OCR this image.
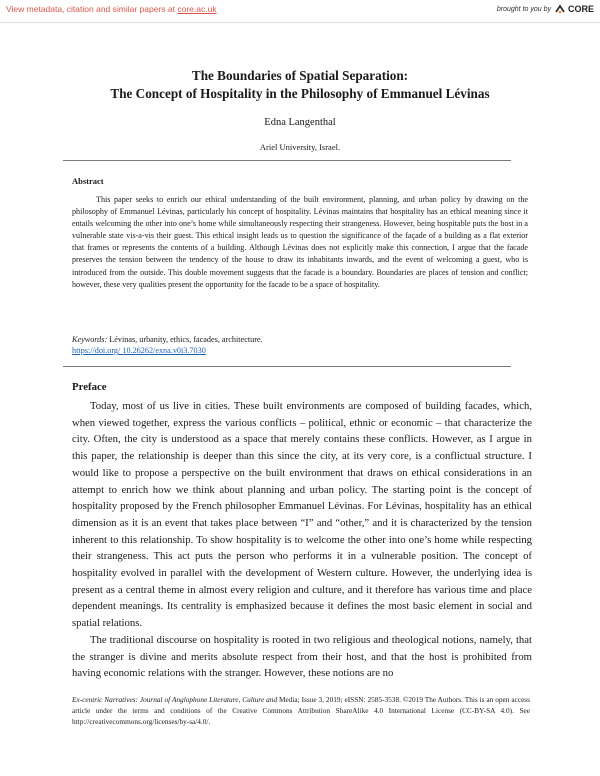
View metadata, citation and similar papers at core.ac.uk	brought to you by CORE
The Boundaries of Spatial Separation:
The Concept of Hospitality in the Philosophy of Emmanuel Lévinas
Edna Langenthal
Ariel University, Israel.
Abstract

This paper seeks to enrich our ethical understanding of the built environment, planning, and urban policy by drawing on the philosophy of Emmanuel Lévinas, particularly his concept of hospitality. Lévinas maintains that hospitality has an ethical meaning since it entails welcoming the other into one’s home while simultaneously respecting their strangeness. However, being hospitable puts the host in a vulnerable state vis-a-vis their guest. This ethical insight leads us to question the significance of the façade of a building as a flat exterior that frames or represents the contents of a building. Although Lévinas does not explicitly make this connection, I argue that the facade preserves the tension between the tendency of the house to draw its inhabitants inwards, and the event of welcoming a guest, who is introduced from the outside. This double movement suggests that the facade is a boundary. Boundaries are places of tension and conflict; however, these very qualities present the opportunity for the facade to be a space of hospitality.

Keywords: Lévinas, urbanity, ethics, facades, architecture.
https://doi.org/ 10.26262/exna.v0i3.7030
Preface

Today, most of us live in cities. These built environments are composed of building facades, which, when viewed together, express the various conflicts – political, ethnic or economic – that characterize the city. Often, the city is understood as a space that merely contains these conflicts. However, as I argue in this paper, the relationship is deeper than this since the city, at its very core, is a conflictual structure. I would like to propose a perspective on the built environment that draws on ethical considerations in an attempt to enrich how we think about planning and urban policy. The starting point is the concept of hospitality proposed by the French philosopher Emmanuel Lévinas. For Lévinas, hospitality has an ethical dimension as it is an event that takes place between “I” and “other,” and it is characterized by the tension inherent to this relationship. To show hospitality is to welcome the other into one’s home while respecting their strangeness. This act puts the person who performs it in a vulnerable position. The concept of hospitality evolved in parallel with the development of Western culture. However, the underlying idea is present as a central theme in almost every religion and culture, and it therefore has various time and place dependent meanings. Its centrality is emphasized because it defines the most basic element in social and spatial relations.

The traditional discourse on hospitality is rooted in two religious and theological notions, namely, that the stranger is divine and merits absolute respect from their host, and that the host is prohibited from having economic relations with the stranger. However, these notions are no

Ex-centric Narratives: Journal of Anglophone Literature, Culture and Media; Issue 3, 2019; eISSN: 2585-3538. ©2019 The Authors. This is an open access article under the terms and conditions of the Creative Commons Attribution ShareAlike 4.0 International License (CC-BY-SA 4.0). See http://creativecommons.org/licenses/by-sa/4.0/.
